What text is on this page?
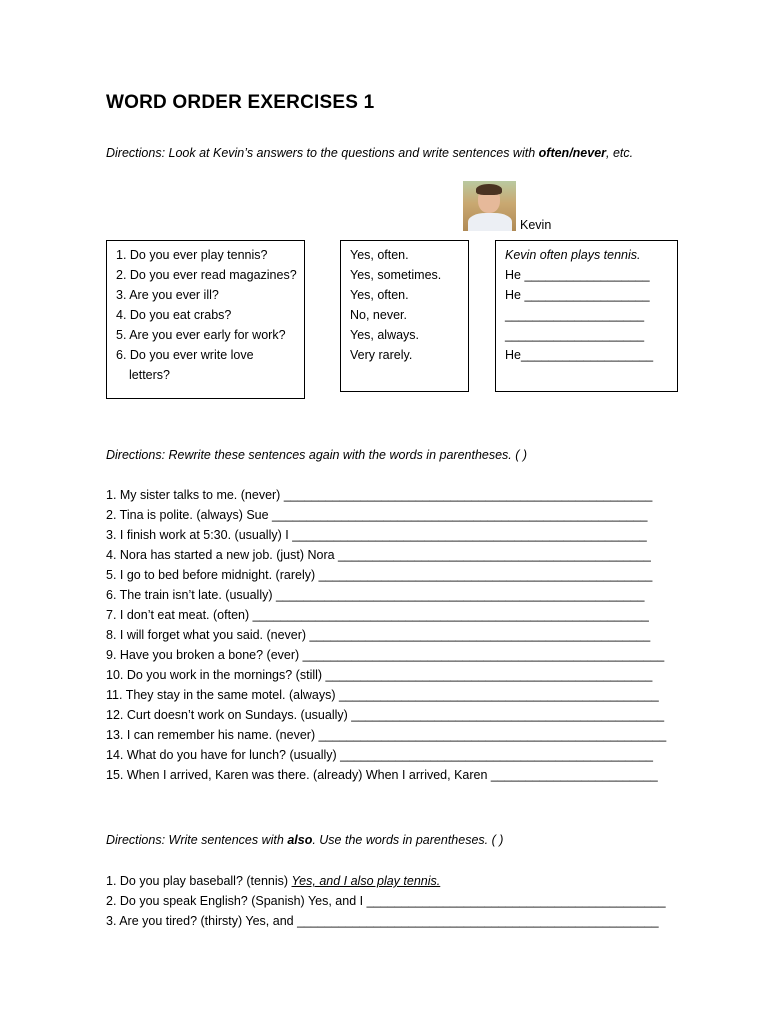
WORD ORDER EXERCISES 1
Directions: Look at Kevin’s answers to the questions and write sentences with often/never, etc.
Kevin
1. Do you ever play tennis?
2. Do you ever read magazines?
3. Are you ever ill?
4. Do you eat crabs?
5. Are you ever early for work?
6. Do you ever write love
letters?
Yes, often.
Yes, sometimes.
Yes, often.
No, never.
Yes, always.
Very rarely.
Kevin often plays tennis.
He __________________
He __________________
____________________
____________________
He___________________
Directions: Rewrite these sentences again with the words in parentheses. ( )
1. My sister talks to me. (never) _____________________________________________________
2. Tina is polite. (always) Sue ______________________________________________________
3. I finish work at 5:30. (usually) I ___________________________________________________
4. Nora has started a new job. (just) Nora _____________________________________________
5. I go to bed before midnight. (rarely) ________________________________________________
6. The train isn’t late. (usually) _____________________________________________________
7. I don’t eat meat. (often) _________________________________________________________
8. I will forget what you said. (never) _________________________________________________
9. Have you broken a bone? (ever) ____________________________________________________
10. Do you work in the mornings? (still) _______________________________________________
11. They stay in the same motel. (always) ______________________________________________
12. Curt doesn’t work on Sundays. (usually) _____________________________________________
13. I can remember his name. (never) __________________________________________________
14. What do you have for lunch? (usually) _____________________________________________
15. When I arrived, Karen was there. (already) When I arrived, Karen ________________________
Directions: Write sentences with also. Use the words in parentheses. ( )
1. Do you play baseball? (tennis) Yes, and I also play tennis.
2. Do you speak English? (Spanish) Yes, and I ___________________________________________
3. Are you tired? (thirsty) Yes, and ____________________________________________________
